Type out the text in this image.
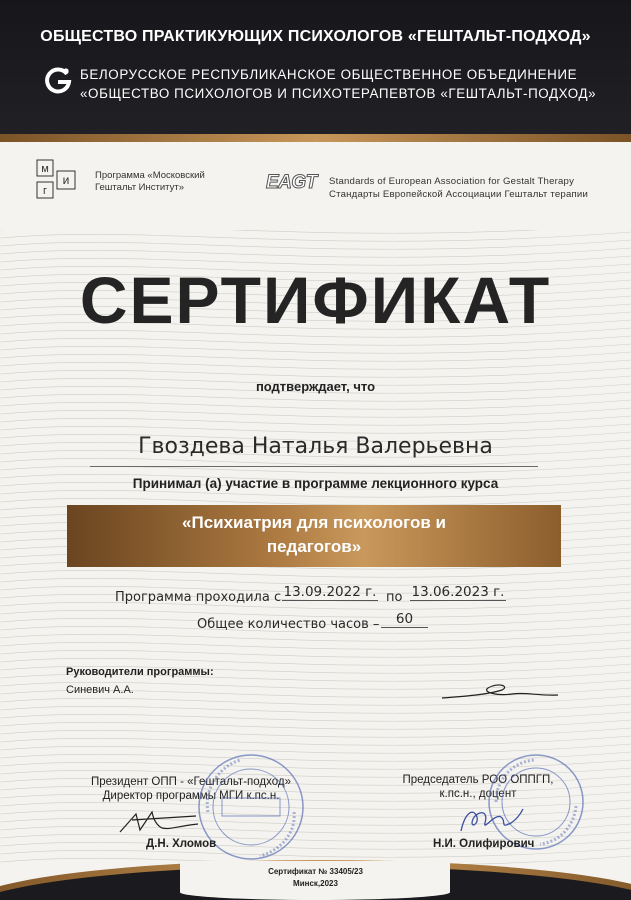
ОБЩЕСТВО ПРАКТИКУЮЩИХ ПСИХОЛОГОВ «ГЕШТАЛЬТ-ПОДХОД»
БЕЛОРУССКОЕ РЕСПУБЛИКАНСКОЕ ОБЩЕСТВЕННОЕ ОБЪЕДИНЕНИЕ
«ОБЩЕСТВО ПСИХОЛОГОВ И ПСИХОТЕРАПЕВТОВ «ГЕШТАЛЬТ-ПОДХОД»
м
г
и	Программа «Московский
Гештальт Институт»	EAGT Standards of European Association for Gestalt Therapy
Стандарты Европейской Ассоциации Гештальт терапии
СЕРТИФИКАТ
подтверждает, что
Гвоздева Наталья Валерьевна
Принимал (а) участие в программе лекционного курса
«Психиатрия для психологов и
педагогов»
Программа проходила с 13.09.2022 г. по 13.06.2023 г.
Общее количество часов –	60
Руководители программы:
Синевич А.А.
Президент ОПП - «Гештальт-подход»
Директор программы МГИ к.пс.н.
Председатель РОО ОППГП,
к.пс.н., доцент
Д.Н. Хломов	Н.И. Олифирович
Сертификат № 33405/23
Минск,2023
